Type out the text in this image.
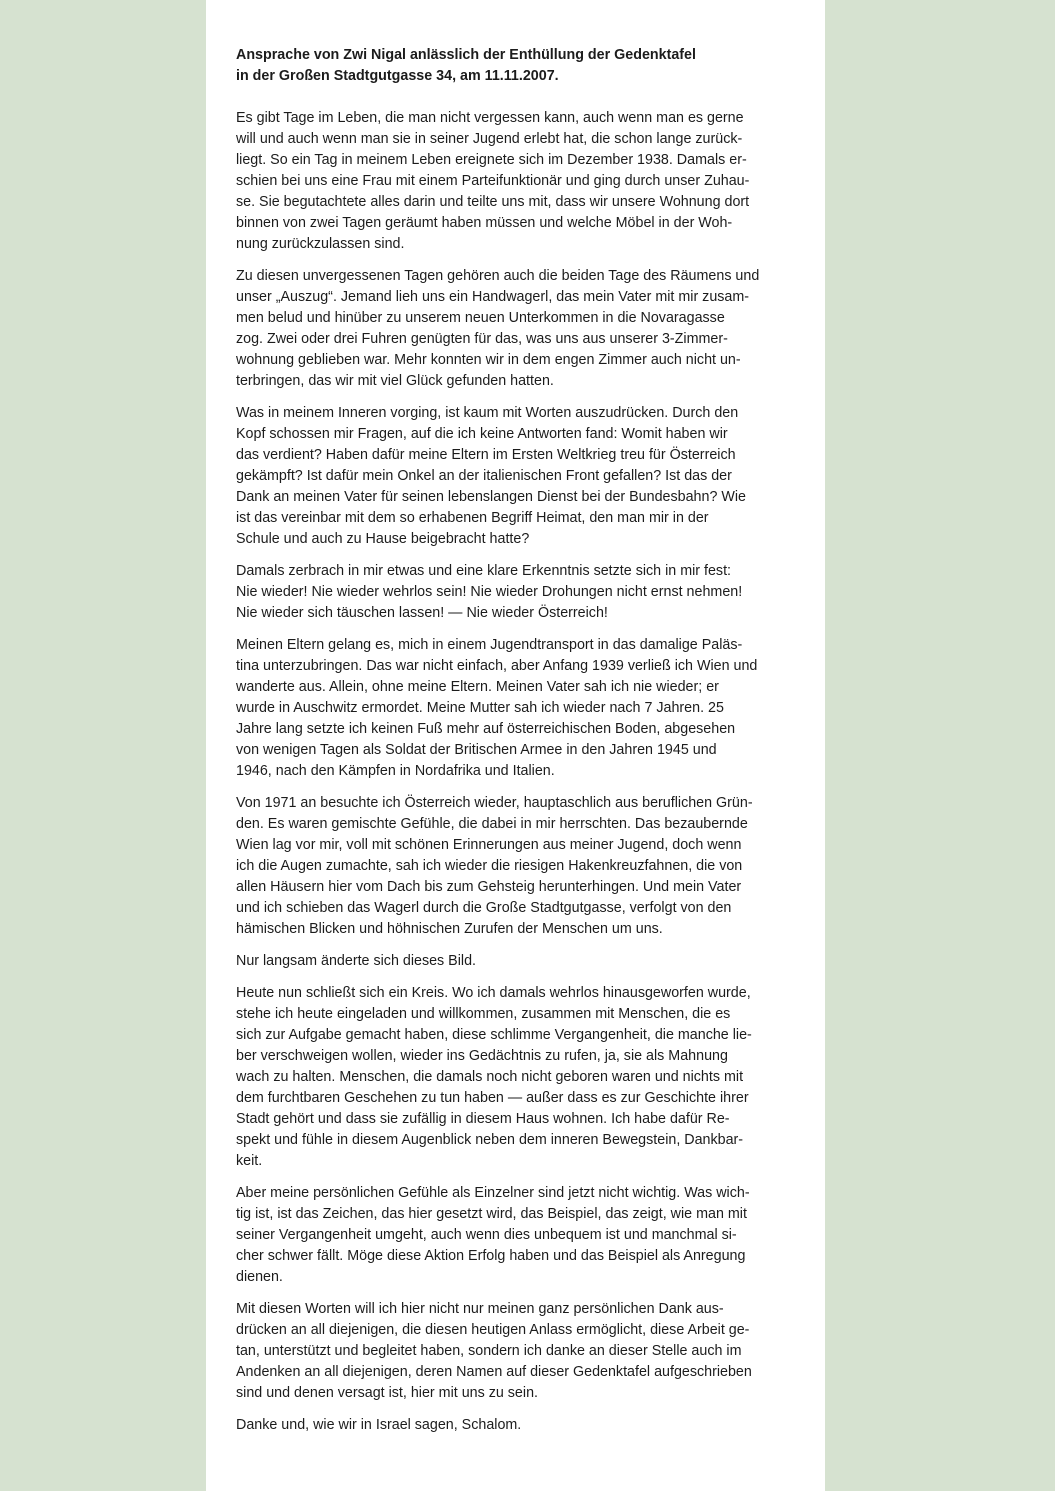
Ansprache von Zwi Nigal anlässlich der Enthüllung der Gedenktafel
in der Großen Stadtgutgasse 34, am 11.11.2007.
Es gibt Tage im Leben, die man nicht vergessen kann, auch wenn man es gerne
will und auch wenn man sie in seiner Jugend erlebt hat, die schon lange zurück-
liegt. So ein Tag in meinem Leben ereignete sich im Dezember 1938. Damals er-
schien bei uns eine Frau mit einem Parteifunktionär und ging durch unser Zuhau-
se. Sie begutachtete alles darin und teilte uns mit, dass wir unsere Wohnung dort
binnen von zwei Tagen geräumt haben müssen und welche Möbel in der Woh-
nung zurückzulassen sind.
Zu diesen unvergessenen Tagen gehören auch die beiden Tage des Räumens und
unser „Auszug“. Jemand lieh uns ein Handwagerl, das mein Vater mit mir zusam-
men belud und hinüber zu unserem neuen Unterkommen in die Novaragasse
zog. Zwei oder drei Fuhren genügten für das, was uns aus unserer 3-Zimmer-
wohnung geblieben war. Mehr konnten wir in dem engen Zimmer auch nicht un-
terbringen, das wir mit viel Glück gefunden hatten.
Was in meinem Inneren vorging, ist kaum mit Worten auszudrücken. Durch den
Kopf schossen mir Fragen, auf die ich keine Antworten fand: Womit haben wir
das verdient? Haben dafür meine Eltern im Ersten Weltkrieg treu für Österreich
gekämpft? Ist dafür mein Onkel an der italienischen Front gefallen? Ist das der
Dank an meinen Vater für seinen lebenslangen Dienst bei der Bundesbahn? Wie
ist das vereinbar mit dem so erhabenen Begriff Heimat, den man mir in der
Schule und auch zu Hause beigebracht hatte?
Damals zerbrach in mir etwas und eine klare Erkenntnis setzte sich in mir fest:
Nie wieder! Nie wieder wehrlos sein! Nie wieder Drohungen nicht ernst nehmen!
Nie wieder sich täuschen lassen! — Nie wieder Österreich!
Meinen Eltern gelang es, mich in einem Jugendtransport in das damalige Paläs-
tina unterzubringen. Das war nicht einfach, aber Anfang 1939 verließ ich Wien und
wanderte aus. Allein, ohne meine Eltern. Meinen Vater sah ich nie wieder; er
wurde in Auschwitz ermordet. Meine Mutter sah ich wieder nach 7 Jahren. 25
Jahre lang setzte ich keinen Fuß mehr auf österreichischen Boden, abgesehen
von wenigen Tagen als Soldat der Britischen Armee in den Jahren 1945 und
1946, nach den Kämpfen in Nordafrika und Italien.
Von 1971 an besuchte ich Österreich wieder, hauptaschlich aus beruflichen Grün-
den. Es waren gemischte Gefühle, die dabei in mir herrschten. Das bezaubernde
Wien lag vor mir, voll mit schönen Erinnerungen aus meiner Jugend, doch wenn
ich die Augen zumachte, sah ich wieder die riesigen Hakenkreuzfahnen, die von
allen Häusern hier vom Dach bis zum Gehsteig herunterhingen. Und mein Vater
und ich schieben das Wagerl durch die Große Stadtgutgasse, verfolgt von den
hämischen Blicken und höhnischen Zurufen der Menschen um uns.
Nur langsam änderte sich dieses Bild.
Heute nun schließt sich ein Kreis. Wo ich damals wehrlos hinausgeworfen wurde,
stehe ich heute eingeladen und willkommen, zusammen mit Menschen, die es
sich zur Aufgabe gemacht haben, diese schlimme Vergangenheit, die manche lie-
ber verschweigen wollen, wieder ins Gedächtnis zu rufen, ja, sie als Mahnung
wach zu halten. Menschen, die damals noch nicht geboren waren und nichts mit
dem furchtbaren Geschehen zu tun haben — außer dass es zur Geschichte ihrer
Stadt gehört und dass sie zufällig in diesem Haus wohnen. Ich habe dafür Re-
spekt und fühle in diesem Augenblick neben dem inneren Bewegstein, Dankbar-
keit.
Aber meine persönlichen Gefühle als Einzelner sind jetzt nicht wichtig. Was wich-
tig ist, ist das Zeichen, das hier gesetzt wird, das Beispiel, das zeigt, wie man mit
seiner Vergangenheit umgeht, auch wenn dies unbequem ist und manchmal si-
cher schwer fällt. Möge diese Aktion Erfolg haben und das Beispiel als Anregung
dienen.
Mit diesen Worten will ich hier nicht nur meinen ganz persönlichen Dank aus-
drücken an all diejenigen, die diesen heutigen Anlass ermöglicht, diese Arbeit ge-
tan, unterstützt und begleitet haben, sondern ich danke an dieser Stelle auch im
Andenken an all diejenigen, deren Namen auf dieser Gedenktafel aufgeschrieben
sind und denen versagt ist, hier mit uns zu sein.
Danke und, wie wir in Israel sagen, Schalom.
